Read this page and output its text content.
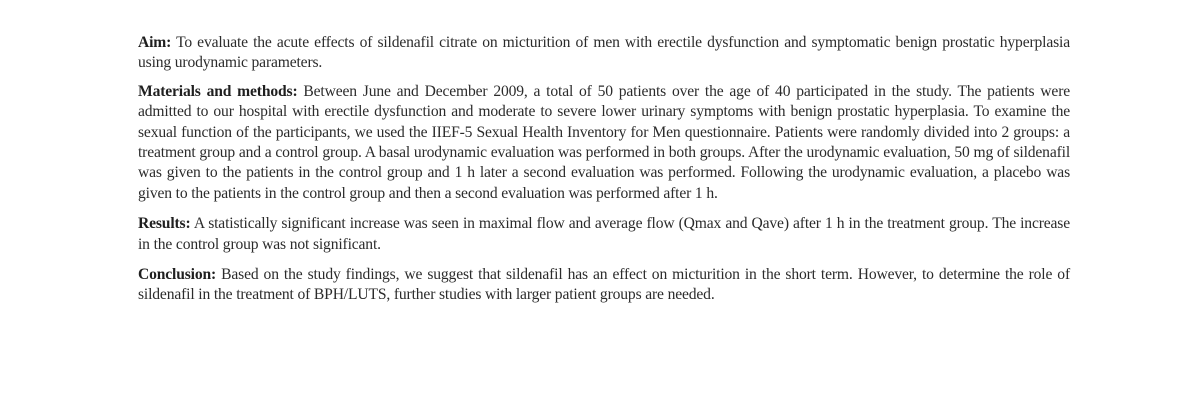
Aim: To evaluate the acute effects of sildenafil citrate on micturition of men with erectile dysfunction and symptomatic benign prostatic hyperplasia using urodynamic parameters.

Materials and methods: Between June and December 2009, a total of 50 patients over the age of 40 participated in the study. The patients were admitted to our hospital with erectile dysfunction and moderate to severe lower urinary symptoms with benign prostatic hyperplasia. To examine the sexual function of the participants, we used the IIEF-5 Sexual Health Inventory for Men questionnaire. Patients were randomly divided into 2 groups: a treatment group and a control group. A basal urodynamic evaluation was performed in both groups. After the urodynamic evaluation, 50 mg of sildenafil was given to the patients in the control group and 1 h later a second evaluation was performed. Following the urodynamic evaluation, a placebo was given to the patients in the control group and then a second evaluation was performed after 1 h.

Results: A statistically significant increase was seen in maximal flow and average flow (Qmax and Qave) after 1 h in the treatment group. The increase in the control group was not significant.

Conclusion: Based on the study findings, we suggest that sildenafil has an effect on micturition in the short term. However, to determine the role of sildenafil in the treatment of BPH/LUTS, further studies with larger patient groups are needed.
